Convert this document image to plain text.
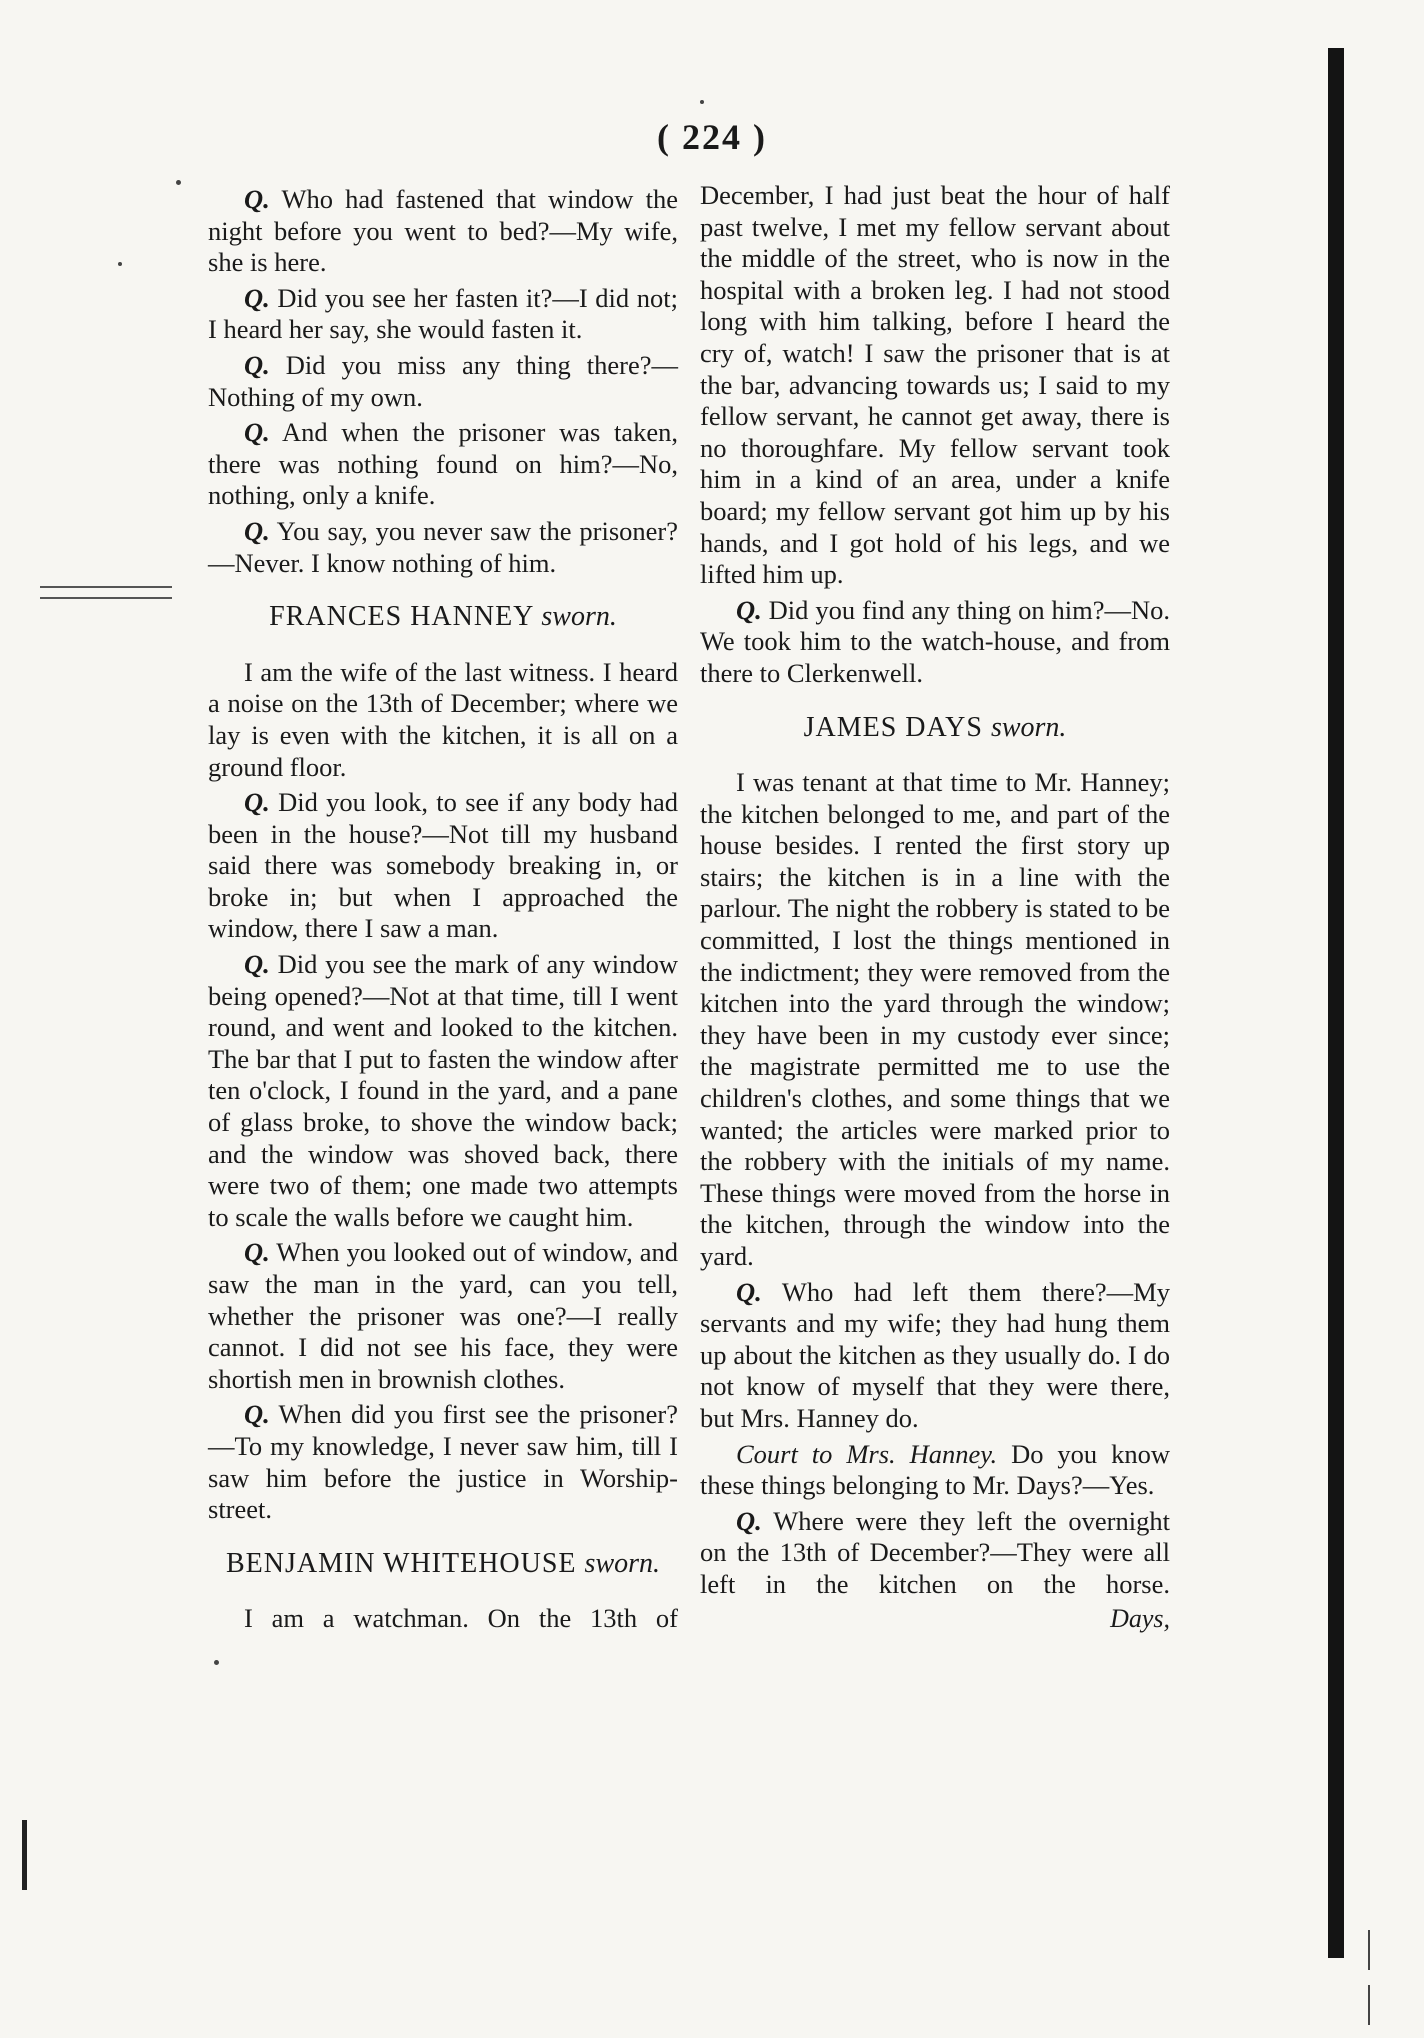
( 224 )

Q. Who had fastened that window the night before you went to bed?—My wife, she is here.

Q. Did you see her fasten it?—I did not; I heard her say, she would fasten it.

Q. Did you miss any thing there?—Nothing of my own.

Q. And when the prisoner was taken, there was nothing found on him?—No, nothing, only a knife.

Q. You say, you never saw the prisoner?—Never. I know nothing of him.

FRANCES HANNEY sworn.

I am the wife of the last witness. I heard a noise on the 13th of December; where we lay is even with the kitchen, it is all on a ground floor.

Q. Did you look, to see if any body had been in the house?—Not till my husband said there was somebody breaking in, or broke in; but when I approached the window, there I saw a man.

Q. Did you see the mark of any window being opened?—Not at that time, till I went round, and went and looked to the kitchen. The bar that I put to fasten the window after ten o'clock, I found in the yard, and a pane of glass broke, to shove the window back; and the window was shoved back, there were two of them; one made two attempts to scale the walls before we caught him.

Q. When you looked out of window, and saw the man in the yard, can you tell, whether the prisoner was one?—I really cannot. I did not see his face, they were shortish men in brownish clothes.

Q. When did you first see the prisoner?—To my knowledge, I never saw him, till I saw him before the justice in Worship-street.

BENJAMIN WHITEHOUSE sworn.

I am a watchman. On the 13th of

December, I had just beat the hour of half past twelve, I met my fellow servant about the middle of the street, who is now in the hospital with a broken leg. I had not stood long with him talking, before I heard the cry of, watch! I saw the prisoner that is at the bar, advancing towards us; I said to my fellow servant, he cannot get away, there is no thoroughfare. My fellow servant took him in a kind of an area, under a knife board; my fellow servant got him up by his hands, and I got hold of his legs, and we lifted him up.

Q. Did you find any thing on him?—No. We took him to the watch-house, and from there to Clerkenwell.

JAMES DAYS sworn.

I was tenant at that time to Mr. Hanney; the kitchen belonged to me, and part of the house besides. I rented the first story up stairs; the kitchen is in a line with the parlour. The night the robbery is stated to be committed, I lost the things mentioned in the indictment; they were removed from the kitchen into the yard through the window; they have been in my custody ever since; the magistrate permitted me to use the children's clothes, and some things that we wanted; the articles were marked prior to the robbery with the initials of my name. These things were moved from the horse in the kitchen, through the window into the yard.

Q. Who had left them there?—My servants and my wife; they had hung them up about the kitchen as they usually do. I do not know of myself that they were there, but Mrs. Hanney do.

Court to Mrs. Hanney. Do you know these things belonging to Mr. Days?—Yes.

Q. Where were they left the overnight on the 13th of December?—They were all left in the kitchen on the horse.

Days,
